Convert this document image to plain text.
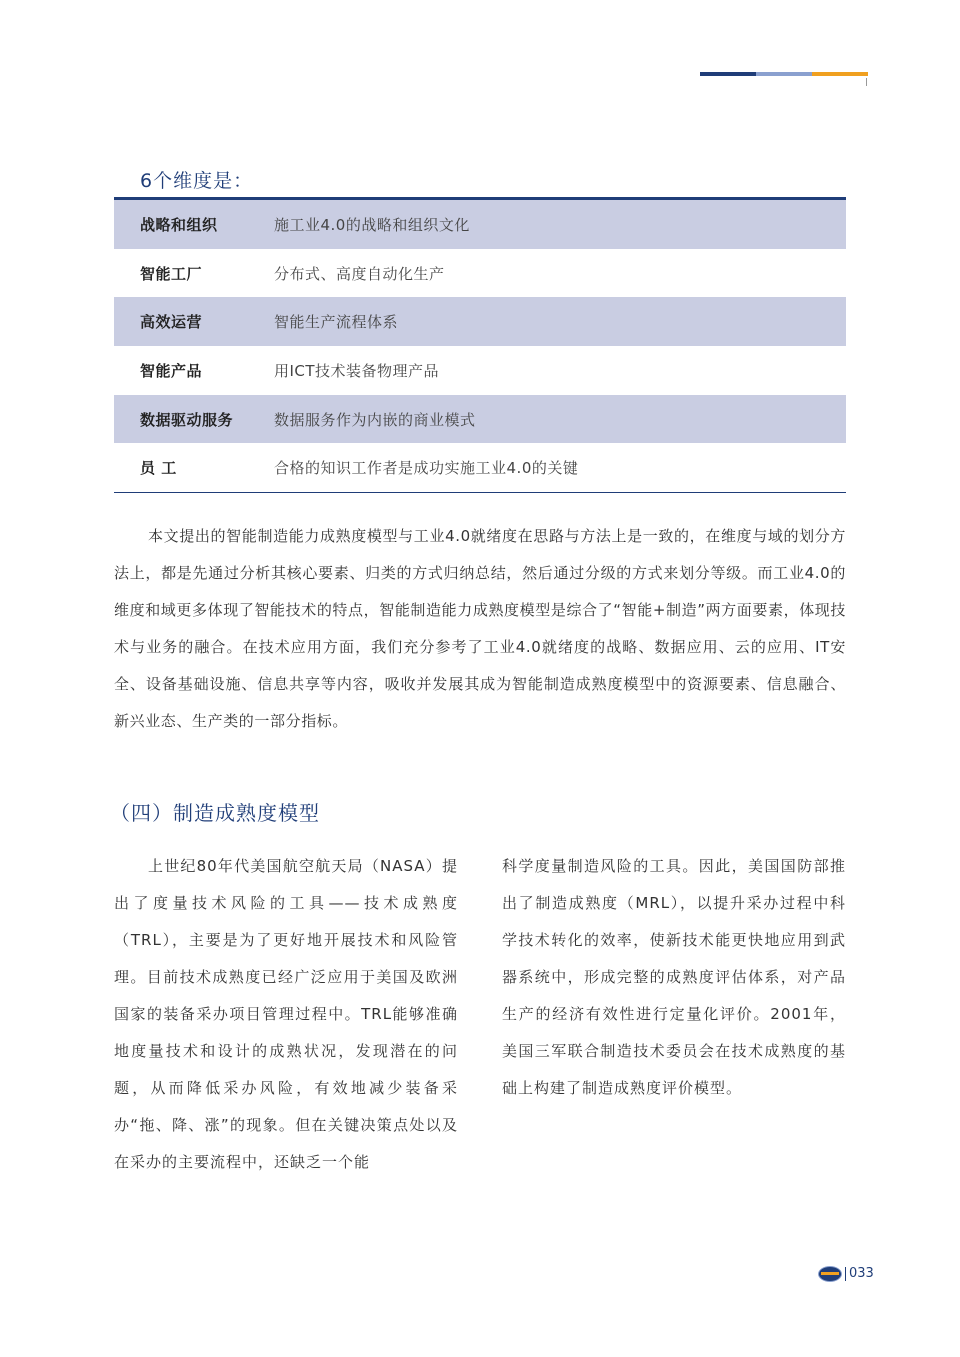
6个维度是：
战略和组织	施工业4.0的战略和组织文化
智能工厂	分布式、高度自动化生产
高效运营	智能生产流程体系
智能产品	用ICT技术装备物理产品
数据驱动服务	数据服务作为内嵌的商业模式
员 工	合格的知识工作者是成功实施工业4.0的关键
本文提出的智能制造能力成熟度模型与工业4.0就绪度在思路与方法上是一致的，在维度与域的划分方法上，都是先通过分析其核心要素、归类的方式归纳总结，然后通过分级的方式来划分等级。而工业4.0的维度和域更多体现了智能技术的特点，智能制造能力成熟度模型是综合了“智能+制造”两方面要素，体现技术与业务的融合。在技术应用方面，我们充分参考了工业4.0就绪度的战略、数据应用、云的应用、IT安全、设备基础设施、信息共享等内容，吸收并发展其成为智能制造成熟度模型中的资源要素、信息融合、新兴业态、生产类的一部分指标。
（四）制造成熟度模型
上世纪80年代美国航空航天局（NASA）提出了度量技术风险的工具——技术成熟度（TRL），主要是为了更好地开展技术和风险管理。目前技术成熟度已经广泛应用于美国及欧洲国家的装备采办项目管理过程中。TRL能够准确地度量技术和设计的成熟状况，发现潜在的问题，从而降低采办风险，有效地减少装备采办“拖、降、涨”的现象。但在关键决策点处以及在采办的主要流程中，还缺乏一个能
科学度量制造风险的工具。因此，美国国防部推出了制造成熟度（MRL），以提升采办过程中科学技术转化的效率，使新技术能更快地应用到武器系统中，形成完整的成熟度评估体系，对产品生产的经济有效性进行定量化评价。2001年，美国三军联合制造技术委员会在技术成熟度的基础上构建了制造成熟度评价模型。
033
